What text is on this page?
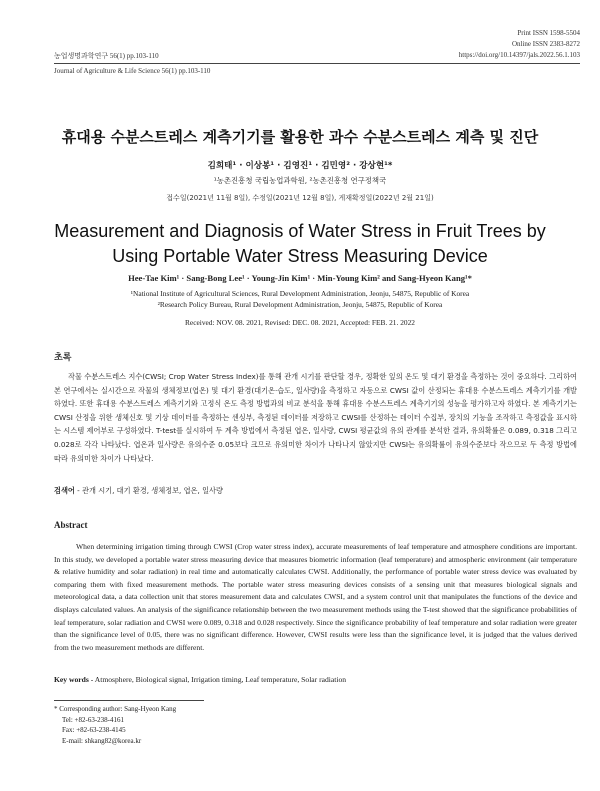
Print ISSN 1598-5504
Online ISSN 2383-8272
https://doi.org/10.14397/jals.2022.56.1.103
농업생명과학연구 56(1) pp.103-110
Journal of Agriculture & Life Science 56(1) pp.103-110
휴대용 수분스트레스 계측기기를 활용한 과수 수분스트레스 계측 및 진단
김희태¹ · 이상봉¹ · 김영진¹ · 김민영² · 강상현¹*
¹농촌진흥청 국립농업과학원, ²농촌진흥청 연구정책국
접수일(2021년 11월 8일), 수정일(2021년 12월 8일), 게재확정일(2022년 2월 21일)
Measurement and Diagnosis of Water Stress in Fruit Trees by Using Portable Water Stress Measuring Device
Hee-Tae Kim¹ · Sang-Bong Lee¹ · Young-Jin Kim¹ · Min-Young Kim² and Sang-Hyeon Kang¹*
¹National Institute of Agricultural Sciences, Rural Development Administration, Jeonju, 54875, Republic of Korea
²Research Policy Bureau, Rural Development Administration, Jeonju, 54875, Republic of Korea
Received: NOV. 08. 2021, Revised: DEC. 08. 2021, Accepted: FEB. 21. 2022
초록
작물 수분스트레스 지수(CWSI; Crop Water Stress Index)를 통해 관개 시기를 판단할 경우, 정확한 잎의 온도 및 대기 환경을 측정하는 것이 중요하다. 그리하여 본 연구에서는 실시간으로 작물의 생체정보(엽온) 및 대기 환경(대기온·습도, 일사량)을 측정하고 자동으로 CWSI 값이 산정되는 휴대용 수분스트레스 계측기기를 개발하였다. 또한 휴대용 수분스트레스 계측기기와 고정식 온도 측정 방법과의 비교 분석을 통해 휴대용 수분스트레스 계측기기의 성능을 평가하고자 하였다. 본 계측기기는 CWSI 산정을 위한 생체신호 및 기상 데이터를 측정하는 센싱부, 측정된 데이터를 저장하고 CWSI를 산정하는 데이터 수집부, 장치의 기능을 조작하고 측정값을 표시하는 시스템 제어부로 구성하였다. T-test를 실시하여 두 계측 방법에서 측정된 엽온, 일사량, CWSI 평균값의 유의 관계를 분석한 결과, 유의확률은 0.089, 0.318 그리고 0.028로 각각 나타났다. 엽온과 일사량은 유의수준 0.05보다 크므로 유의미한 차이가 나타나지 않았지만 CWSI는 유의확률이 유의수준보다 작으므로 두 측정 방법에 따라 유의미한 차이가 나타났다.
검색어 - 관개 시기, 대기 환경, 생체정보, 엽온, 일사량
Abstract
When determining irrigation timing through CWSI (Crop water stress index), accurate measurements of leaf temperature and atmosphere conditions are important. In this study, we developed a portable water stress measuring device that measures biometric information (leaf temperature) and atmospheric environment (air temperature & relative humidity and solar radiation) in real time and automatically calculates CWSI. Additionally, the performance of portable water stress device was evaluated by comparing them with fixed measurement methods. The portable water stress measuring devices consists of a sensing unit that measures biological signals and meteorological data, a data collection unit that stores measurement data and calculates CWSI, and a system control unit that manipulates the functions of the device and displays calculated values. An analysis of the significance relationship between the two measurement methods using the T-test showed that the significance probabilities of leaf temperature, solar radiation and CWSI were 0.089, 0.318 and 0.028 respectively. Since the significance probability of leaf temperature and solar radiation were greater than the significance level of 0.05, there was no significant difference. However, CWSI results were less than the significance level, it is judged that the values derived from the two measurement methods are different.
Key words - Atmosphere, Biological signal, Irrigation timing, Leaf temperature, Solar radiation
* Corresponding author: Sang-Hyeon Kang
Tel: +82-63-238-4161
Fax: +82-63-238-4145
E-mail: shkang82@korea.kr
